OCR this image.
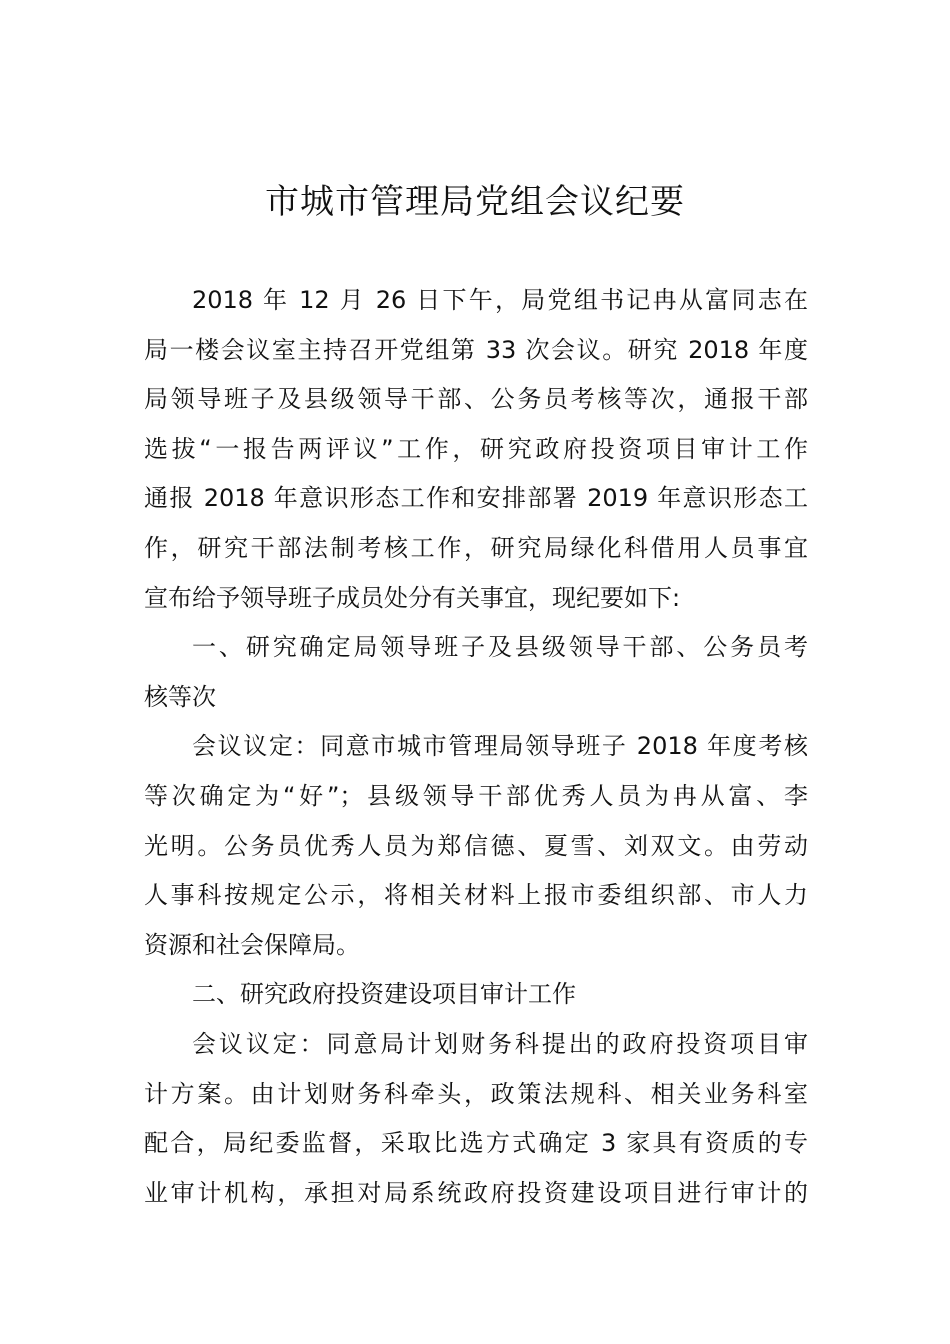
市城市管理局党组会议纪要
2018 年 12 月 26 日下午，局党组书记冉从富同志在
局一楼会议室主持召开党组第 33 次会议。研究 2018 年度
局领导班子及县级领导干部、公务员考核等次，通报干部
选拔“一报告两评议”工作，研究政府投资项目审计工作
通报 2018 年意识形态工作和安排部署 2019 年意识形态工
作，研究干部法制考核工作，研究局绿化科借用人员事宜
宣布给予领导班子成员处分有关事宜，现纪要如下:
一、研究确定局领导班子及县级领导干部、公务员考
核等次
会议议定：同意市城市管理局领导班子 2018 年度考核
等次确定为“好”；县级领导干部优秀人员为冉从富、李
光明。公务员优秀人员为郑信德、夏雪、刘双文。由劳动
人事科按规定公示，将相关材料上报市委组织部、市人力
资源和社会保障局。
二、研究政府投资建设项目审计工作
会议议定：同意局计划财务科提出的政府投资项目审
计方案。由计划财务科牵头，政策法规科、相关业务科室
配合，局纪委监督，采取比选方式确定 3 家具有资质的专
业审计机构，承担对局系统政府投资建设项目进行审计的
